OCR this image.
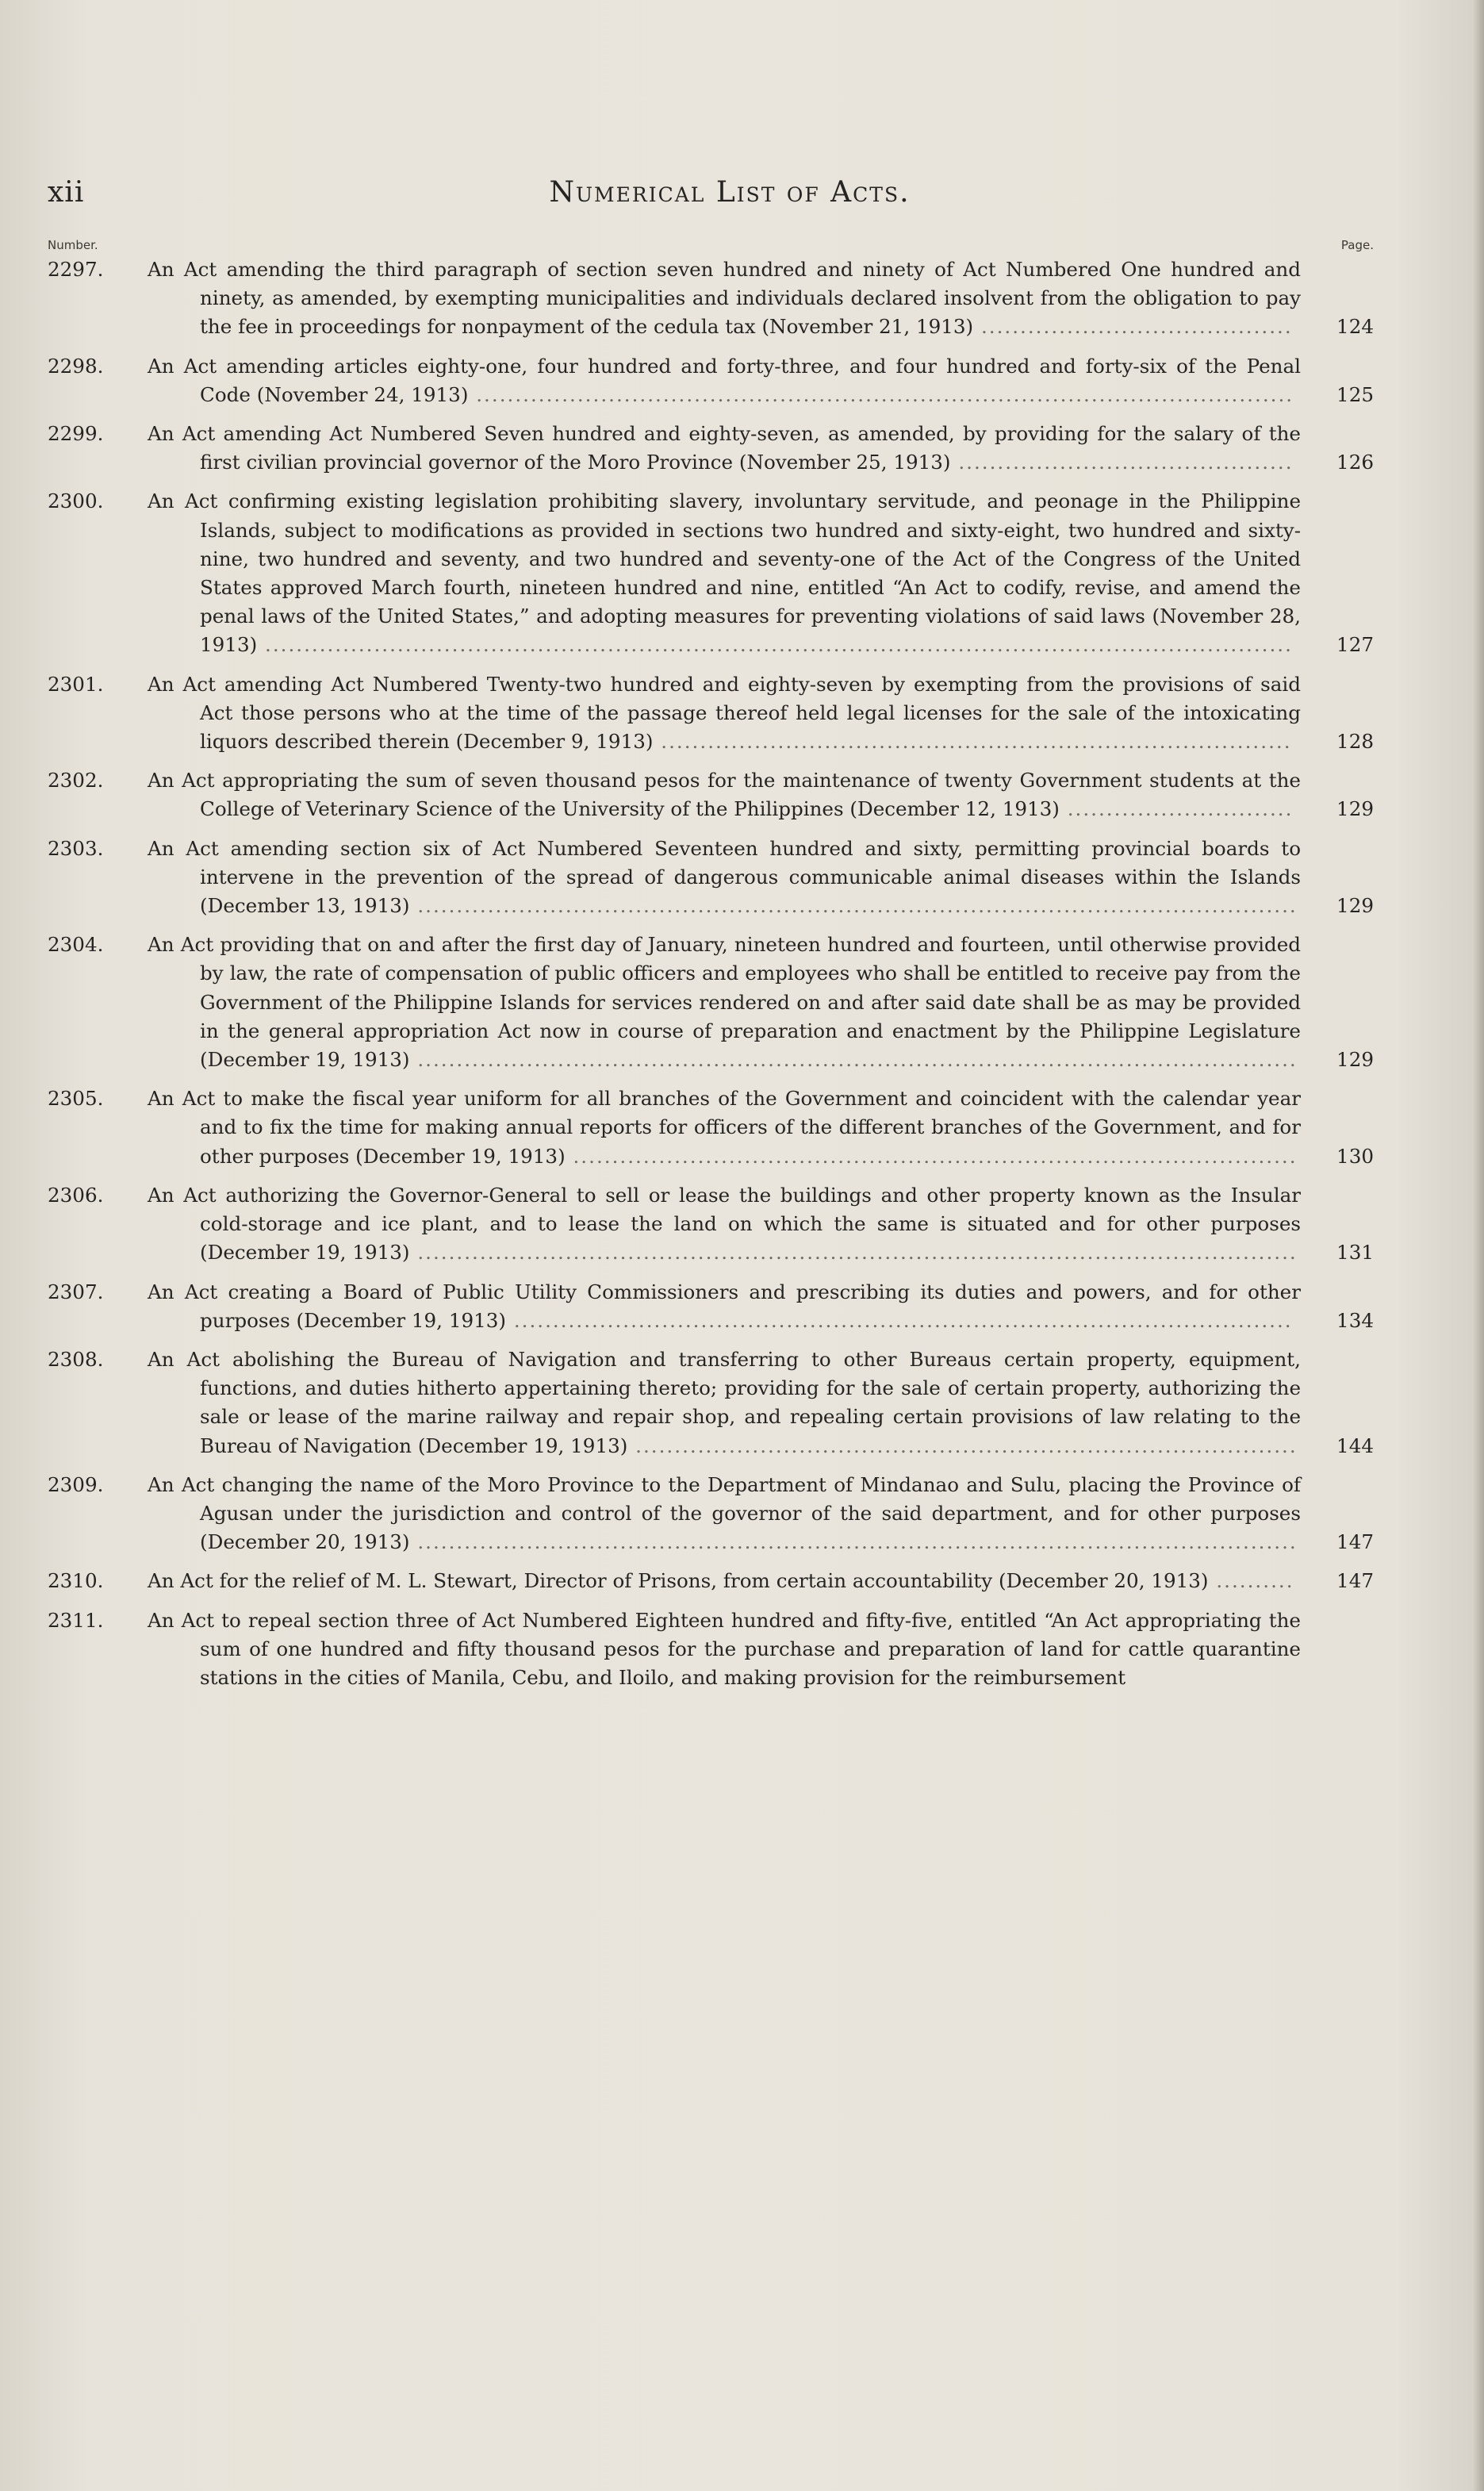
xii	Numerical List of Acts.
Number.	Page.
2297.	An Act amending the third paragraph of section seven hundred and ninety of Act Numbered One hundred and ninety, as amended, by exempting municipalities and individuals declared insolvent from the obligation to pay the fee in proceedings for nonpayment of the cedula tax (November 21, 1913) ........................................	124
2298.	An Act amending articles eighty-one, four hundred and forty-three, and four hundred and forty-six of the Penal Code (November 24, 1913) .........................................................................................................	125
2299.	An Act amending Act Numbered Seven hundred and eighty-seven, as amended, by providing for the salary of the first civilian provincial governor of the Moro Province (November 25, 1913) ...........................................	126
2300.	An Act confirming existing legislation prohibiting slavery, involuntary servitude, and peonage in the Philippine Islands, subject to modifications as provided in sections two hundred and sixty-eight, two hundred and sixty-nine, two hundred and seventy, and two hundred and seventy-one of the Act of the Congress of the United States approved March fourth, nineteen hundred and nine, entitled “An Act to codify, revise, and amend the penal laws of the United States,” and adopting measures for preventing violations of said laws (November 28, 1913) ....................................................................................................................................	127
2301.	An Act amending Act Numbered Twenty-two hundred and eighty-seven by exempting from the provisions of said Act those persons who at the time of the passage thereof held legal licenses for the sale of the intoxicating liquors described therein (December 9, 1913) .................................................................................	128
2302.	An Act appropriating the sum of seven thousand pesos for the maintenance of twenty Government students at the College of Veterinary Science of the University of the Philippines (December 12, 1913) .............................	129
2303.	An Act amending section six of Act Numbered Seventeen hundred and sixty, permitting provincial boards to intervene in the prevention of the spread of dangerous communicable animal diseases within the Islands (December 13, 1913) .................................................................................................................	129
2304.	An Act providing that on and after the first day of January, nineteen hundred and fourteen, until otherwise provided by law, the rate of compensation of public officers and employees who shall be entitled to receive pay from the Government of the Philippine Islands for services rendered on and after said date shall be as may be provided in the general appropriation Act now in course of preparation and enactment by the Philippine Legislature (December 19, 1913) .................................................................................................................	129
2305.	An Act to make the fiscal year uniform for all branches of the Government and coincident with the calendar year and to fix the time for making annual reports for officers of the different branches of the Government, and for other purposes (December 19, 1913) .............................................................................................	130
2306.	An Act authorizing the Governor-General to sell or lease the buildings and other property known as the Insular cold-storage and ice plant, and to lease the land on which the same is situated and for other purposes (December 19, 1913) .................................................................................................................	131
2307.	An Act creating a Board of Public Utility Commissioners and prescribing its duties and powers, and for other purposes (December 19, 1913) ....................................................................................................	134
2308.	An Act abolishing the Bureau of Navigation and transferring to other Bureaus certain property, equipment, functions, and duties hitherto appertaining thereto; providing for the sale of certain property, authorizing the sale or lease of the marine railway and repair shop, and repealing certain provisions of law relating to the Bureau of Navigation (December 19, 1913) .....................................................................................	144
2309.	An Act changing the name of the Moro Province to the Department of Mindanao and Sulu, placing the Province of Agusan under the jurisdiction and control of the governor of the said department, and for other purposes (December 20, 1913) .................................................................................................................	147
2310.	An Act for the relief of M. L. Stewart, Director of Prisons, from certain accountability (December 20, 1913) ..........	147
2311.	An Act to repeal section three of Act Numbered Eighteen hundred and fifty-five, entitled “An Act appropriating the sum of one hundred and fifty thousand pesos for the purchase and preparation of land for cattle quarantine stations in the cities of Manila, Cebu, and Iloilo, and making provision for the reimbursement
